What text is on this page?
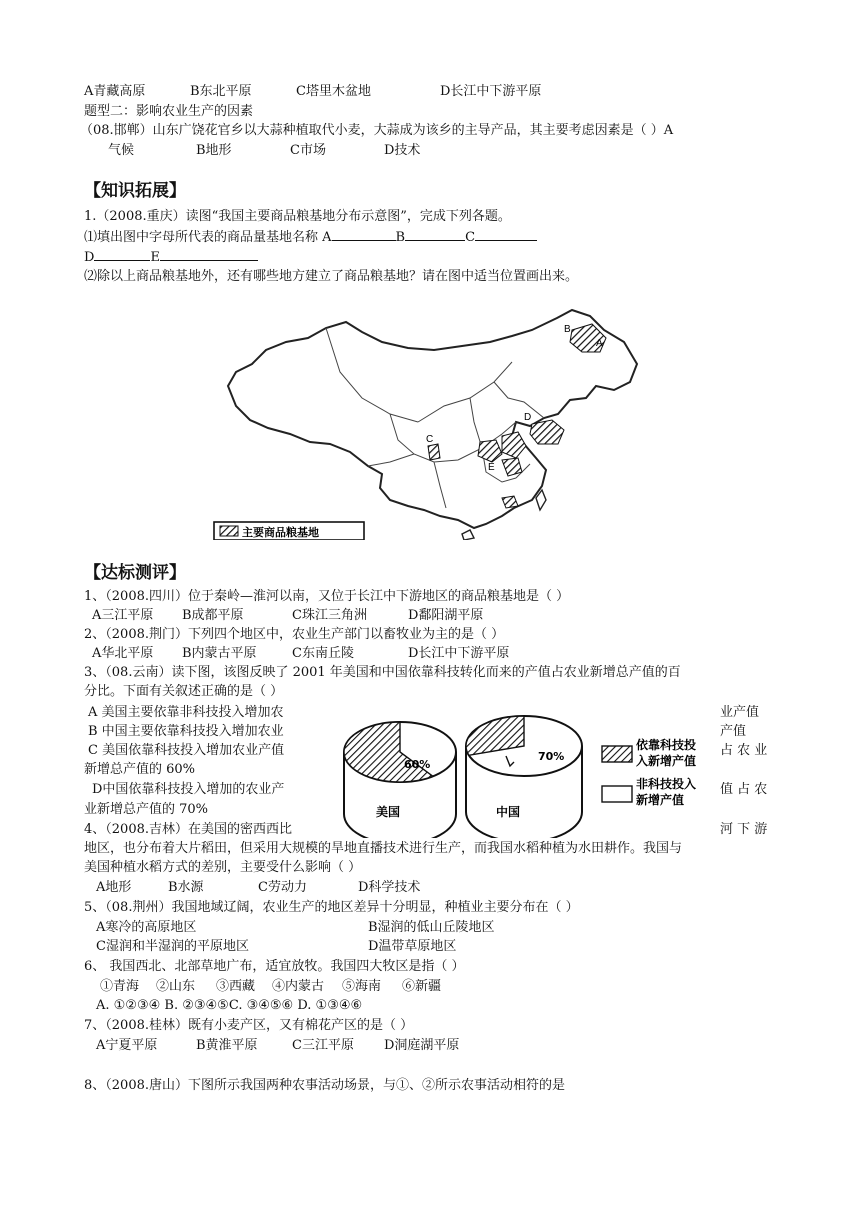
A青藏高原	B东北平原	C塔里木盆地	D长江中下游平原
题型二：影响农业生产的因素
（08.邯郸）山东广饶花官乡以大蒜种植取代小麦，大蒜成为该乡的主导产品，其主要考虑因素是（ ）A
气候	B地形	C市场	D技术
【知识拓展】
1.（2008.重庆）读图“我国主要商品粮基地分布示意图”，完成下列各题。
⑴填出图中字母所代表的商品量基地名称 A	B	C
D	E
⑵除以上商品粮基地外，还有哪些地方建立了商品粮基地？请在图中适当位置画出来。
B
A
C
D
E
主要商品粮基地
【达标测评】
1、（2008.四川）位于秦岭—淮河以南，又位于长江中下游地区的商品粮基地是（ ）
A三江平原 B成都平原	C珠江三角洲	D鄱阳湖平原
2、（2008.荆门）下列四个地区中，农业生产部门以畜牧业为主的是（ ）
A华北平原 B内蒙古平原	C东南丘陵	D长江中下游平原
3、（08.云南）读下图，该图反映了 2001 年美国和中国依靠科技转化而来的产值占农业新增总产值的百
分比。下面有关叙述正确的是（ ）
A 美国主要依靠非科技投入增加农	业产值
B 中国主要依靠科技投入增加农业	产值
C 美国依靠科技投入增加农业产值	占 农 业
新增总产值的 60%
D中国依靠科技投入增加的农业产	值 占 农
业新增总产值的 70%
60%
70%
美国	中国
依靠科技投
入新增产值
非科技投入
新增产值
4、（2008.吉林）在美国的密西西比	河 下 游
地区，也分布着大片稻田，但采用大规模的旱地直播技术进行生产，而我国水稻种植为水田耕作。我国与
美国种植水稻方式的差别，主要受什么影响（ ）
A地形	B水源	C劳动力	D科学技术
5、（08.荆州）我国地域辽阔，农业生产的地区差异十分明显，种植业主要分布在（ ）
A寒冷的高原地区	B湿润的低山丘陵地区
C湿润和半湿润的平原地区	D温带草原地区
6、 我国西北、北部草地广布，适宜放牧。我国四大牧区是指（ ）
①青海 ②山东 ③西藏 ④内蒙古 ⑤海南 ⑥新疆
A. ①②③④ B. ②③④⑤C. ③④⑤⑥ D. ①③④⑥
7、（2008.桂林）既有小麦产区，又有棉花产区的是（ ）
A宁夏平原	B黄淮平原	C三江平原 D洞庭湖平原
8、（2008.唐山）下图所示我国两种农事活动场景，与①、②所示农事活动相符的是
